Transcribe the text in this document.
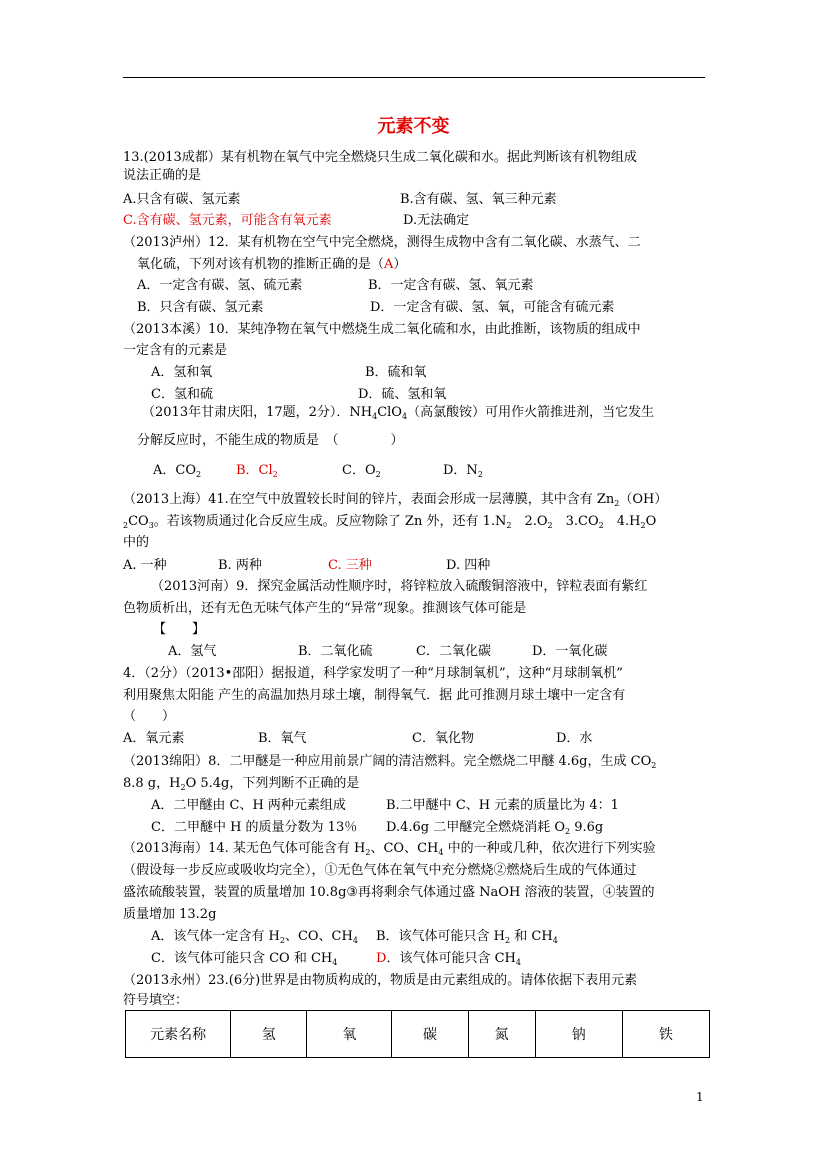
元素不变
13.(2013成都）某有机物在氧气中完全燃烧只生成二氧化碳和水。据此判断该有机物组成
说法正确的是
A.只含有碳、氢元素	B.含有碳、氢、氧三种元素
C.含有碳、氢元素，可能含有氧元素	D.无法确定
（2013泸州）12．某有机物在空气中完全燃烧，测得生成物中含有二氧化碳、水蒸气、二
氧化硫，下列对该有机物的推断正确的是（A）
A．一定含有碳、氢、硫元素	B．一定含有碳、氢、氧元素
B．只含有碳、氢元素	D．一定含有碳、氢、氧，可能含有硫元素
（2013本溪）10．某纯净物在氧气中燃烧生成二氧化硫和水，由此推断，该物质的组成中
一定含有的元素是
A．氢和氧	B．硫和氧
C．氢和硫	D．硫、氢和氧
（2013年甘肃庆阳，17题，2分）．$NH_4ClO_4$（高氯酸铵）可用作火箭推进剂，当它发生
分解反应时，不能生成的物质是　（　　　　）
A．$CO_2$	B．$Cl_2$	C．$O_2$	D．$N_2$
（2013上海）41.在空气中放置较长时间的锌片，表面会形成一层薄膜，其中含有 $Zn_2(OH)$
$_2CO_3$。若该物质通过化合反应生成。反应物除了 Zn 外，还有 $1.N_2$　$2.O_2$　$3.CO_2$　$4.H_2O$
中的
A. 一种	B. 两种	C. 三种	D. 四种
（2013河南）9．探究金属活动性顺序时，将锌粒放入硫酸铜溶液中，锌粒表面有紫红
色物质析出，还有无色无味气体产生的“异常”现象。推测该气体可能是
【　　】
A．氢气	B．二氧化硫	C．二氧化碳	D．一氧化碳
4．（2分）（2013•邵阳）据报道，科学家发明了一种“月球制氧机”，这种“月球制氧机”
利用聚焦太阳能 产生的高温加热月球土壤，制得氧气．据 此可推测月球土壤中一定含有
（　　）
A．氧元素	B．氧气	C．氧化物	D．水
（2013绵阳）8．二甲醚是一种应用前景广阔的清洁燃料。完全燃烧二甲醚 4.6g，生成 $CO_2$
8.8 g，$H_2O$ 5.4g，下列判断不正确的是
A．二甲醚由 C、H 两种元素组成	B.二甲醚中 C、H 元素的质量比为 4：1
C．二甲醚中 H 的质量分数为 13％ D.4.6g 二甲醚完全燃烧消耗 $O_2$ 9.6g
（2013海南）14. 某无色气体可能含有 $H_2$、CO、$CH_4$ 中的一种或几种，依次进行下列实验
（假设每一步反应或吸收均完全），①无色气体在氧气中充分燃烧②燃烧后生成的气体通过
盛浓硫酸装置，装置的质量增加 10.8g③再将剩余气体通过盛 NaOH 溶液的装置，④装置的
质量增加 13.2g
A．该气体一定含有 $H_2$、CO、$CH_4$ B．该气体可能只含 $H_2$ 和 $CH_4$
C．该气体可能只含 CO 和 $CH_4$	D．该气体可能只含 $CH_4$
（2013永州）23.(6分)世界是由物质构成的，物质是由元素组成的。请体依据下表用元素
符号填空：
元素名称	氢	氧	碳	氮	钠	铁
1
